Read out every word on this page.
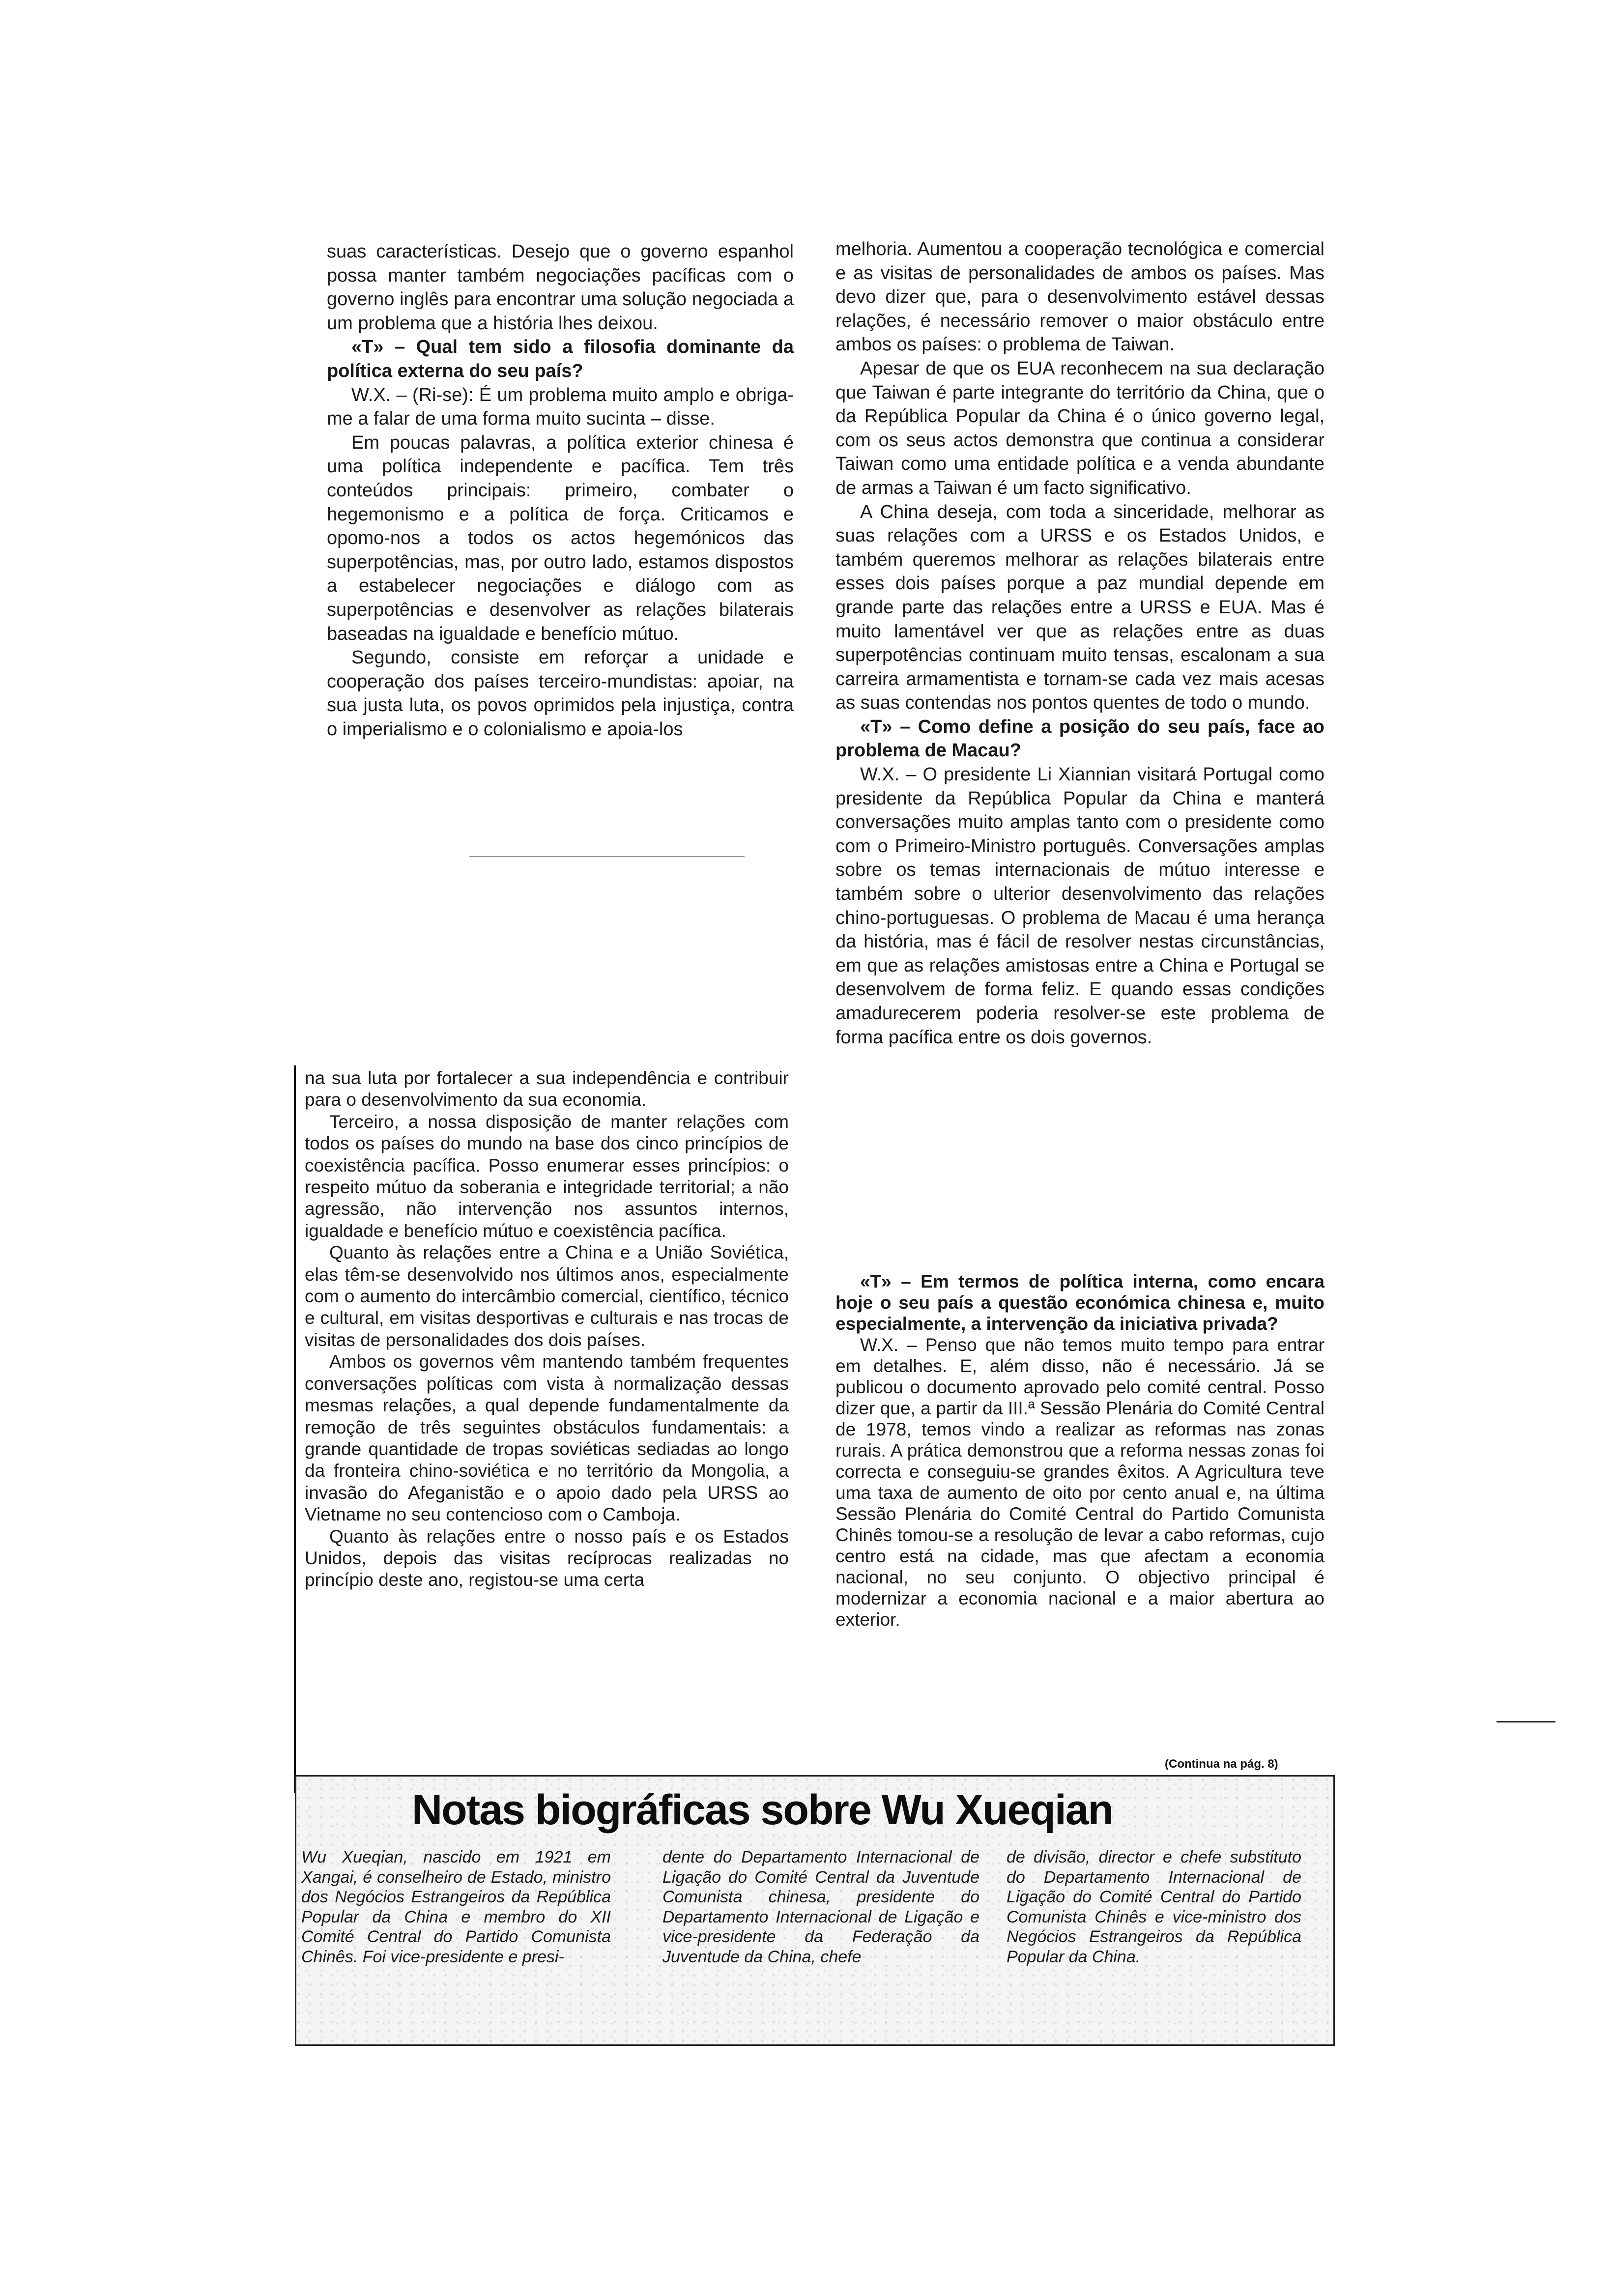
suas características. Desejo que o governo espanhol possa manter também negociações pacíficas com o governo inglês para encontrar uma solução negociada a um problema que a história lhes deixou.

«T» – Qual tem sido a filosofia dominante da política externa do seu país?

W.X. – (Ri-se): É um problema muito amplo e obriga-me a falar de uma forma muito sucinta – disse.

Em poucas palavras, a política exterior chinesa é uma política independente e pacífica. Tem três conteúdos principais: primeiro, combater o hegemonismo e a política de força. Criticamos e opomo-nos a todos os actos hegemónicos das superpotências, mas, por outro lado, estamos dispostos a estabelecer negociações e diálogo com as superpotências e desenvolver as relações bilaterais baseadas na igualdade e benefício mútuo.

Segundo, consiste em reforçar a unidade e cooperação dos países terceiro-mundistas: apoiar, na sua justa luta, os povos oprimidos pela injustiça, contra o imperialismo e o colonialismo e apoia-los

melhoria. Aumentou a cooperação tecnológica e comercial e as visitas de personalidades de ambos os países. Mas devo dizer que, para o desenvolvimento estável dessas relações, é necessário remover o maior obstáculo entre ambos os países: o problema de Taiwan.

Apesar de que os EUA reconhecem na sua declaração que Taiwan é parte integrante do território da China, que o da República Popular da China é o único governo legal, com os seus actos demonstra que continua a considerar Taiwan como uma entidade política e a venda abundante de armas a Taiwan é um facto significativo.

A China deseja, com toda a sinceridade, melhorar as suas relações com a URSS e os Estados Unidos, e também queremos melhorar as relações bilaterais entre esses dois países porque a paz mundial depende em grande parte das relações entre a URSS e EUA. Mas é muito lamentável ver que as relações entre as duas superpotências continuam muito tensas, escalonam a sua carreira armamentista e tornam-se cada vez mais acesas as suas contendas nos pontos quentes de todo o mundo.

«T» – Como define a posição do seu país, face ao problema de Macau?

W.X. – O presidente Li Xiannian visitará Portugal como presidente da República Popular da China e manterá conversações muito amplas tanto com o presidente como com o Primeiro-Ministro português. Conversações amplas sobre os temas internacionais de mútuo interesse e também sobre o ulterior desenvolvimento das relações chino-portuguesas. O problema de Macau é uma herança da história, mas é fácil de resolver nestas circunstâncias, em que as relações amistosas entre a China e Portugal se desenvolvem de forma feliz. E quando essas condições amadurecerem poderia resolver-se este problema de forma pacífica entre os dois governos.

na sua luta por fortalecer a sua independência e contribuir para o desenvolvimento da sua economia.

Terceiro, a nossa disposição de manter relações com todos os países do mundo na base dos cinco princípios de coexistência pacífica. Posso enumerar esses princípios: o respeito mútuo da soberania e integridade territorial; a não agressão, não intervenção nos assuntos internos, igualdade e benefício mútuo e coexistência pacífica.

Quanto às relações entre a China e a União Soviética, elas têm-se desenvolvido nos últimos anos, especialmente com o aumento do intercâmbio comercial, científico, técnico e cultural, em visitas desportivas e culturais e nas trocas de visitas de personalidades dos dois países.

Ambos os governos vêm mantendo também frequentes conversações políticas com vista à normalização dessas mesmas relações, a qual depende fundamentalmente da remoção de três seguintes obstáculos fundamentais: a grande quantidade de tropas soviéticas sediadas ao longo da fronteira chino-soviética e no território da Mongolia, a invasão do Afeganistão e o apoio dado pela URSS ao Vietname no seu contencioso com o Camboja.

Quanto às relações entre o nosso país e os Estados Unidos, depois das visitas recíprocas realizadas no princípio deste ano, registou-se uma certa

«T» – Em termos de política interna, como encara hoje o seu país a questão económica chinesa e, muito especialmente, a intervenção da iniciativa privada?

W.X. – Penso que não temos muito tempo para entrar em detalhes. E, além disso, não é necessário. Já se publicou o documento aprovado pelo comité central. Posso dizer que, a partir da III.ª Sessão Plenária do Comité Central de 1978, temos vindo a realizar as reformas nas zonas rurais. A prática demonstrou que a reforma nessas zonas foi correcta e conseguiu-se grandes êxitos. A Agricultura teve uma taxa de aumento de oito por cento anual e, na última Sessão Plenária do Comité Central do Partido Comunista Chinês tomou-se a resolução de levar a cabo reformas, cujo centro está na cidade, mas que afectam a economia nacional, no seu conjunto. O objectivo principal é modernizar a economia nacional e a maior abertura ao exterior.

(Continua na pág. 8)
Notas biográficas sobre Wu Xueqian
Wu Xueqian, nascido em 1921 em Xangai, é conselheiro de Estado, ministro dos Negócios Estrangeiros da República Popular da China e membro do XII Comité Central do Partido Comunista Chinês. Foi vice-presidente e presi-
dente do Departamento Internacional de Ligação do Comité Central da Juventude Comunista chinesa, presidente do Departamento Internacional de Ligação e vice-presidente da Federação da Juventude da China, chefe
de divisão, director e chefe substituto do Departamento Internacional de Ligação do Comité Central do Partido Comunista Chinês e vice-ministro dos Negócios Estrangeiros da República Popular da China.
